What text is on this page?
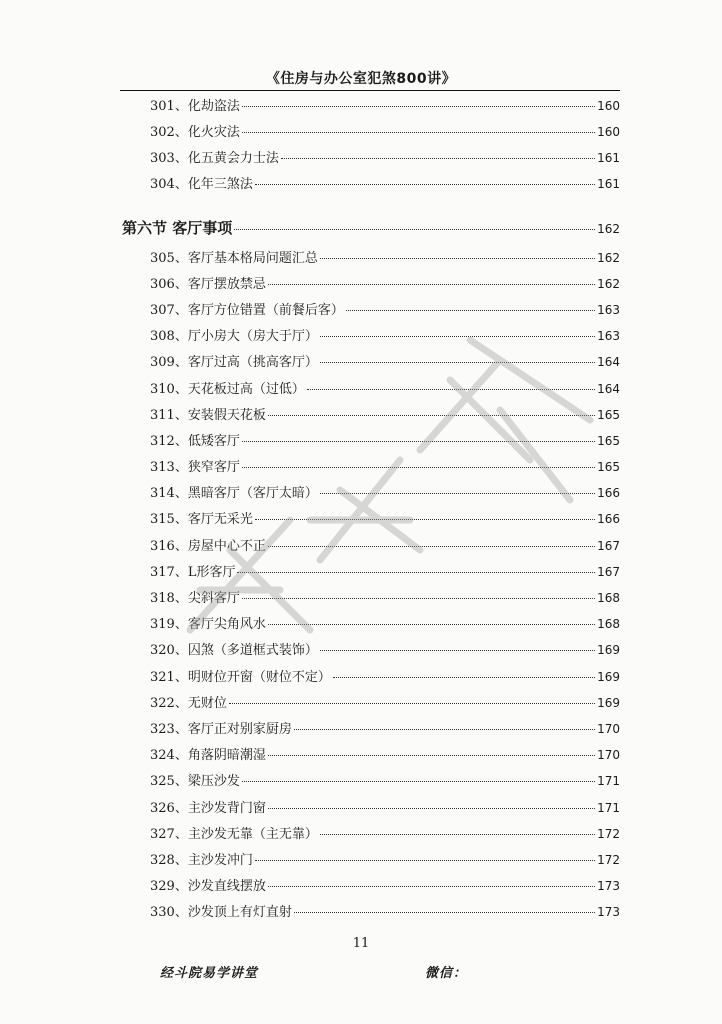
《住房与办公室犯煞800讲》
301、化劫盗法	160
302、化火灾法	160
303、化五黄会力士法	161
304、化年三煞法	161
第六节 客厅事项	162
305、客厅基本格局问题汇总	162
306、客厅摆放禁忌	162
307、客厅方位错置（前餐后客）	163
308、厅小房大（房大于厅）	163
309、客厅过高（挑高客厅）	164
310、天花板过高（过低）	164
311、安装假天花板	165
312、低矮客厅	165
313、狭窄客厅	165
314、黑暗客厅（客厅太暗）	166
315、客厅无采光	166
316、房屋中心不正	167
317、L形客厅	167
318、尖斜客厅	168
319、客厅尖角风水	168
320、囚煞（多道框式装饰）	169
321、明财位开窗（财位不定）	169
322、无财位	169
323、客厅正对别家厨房	170
324、角落阴暗潮湿	170
325、梁压沙发	171
326、主沙发背门窗	171
327、主沙发无靠（主无靠）	172
328、主沙发冲门	172
329、沙发直线摆放	173
330、沙发顶上有灯直射	173
11
经斗院易学讲堂	微信：
